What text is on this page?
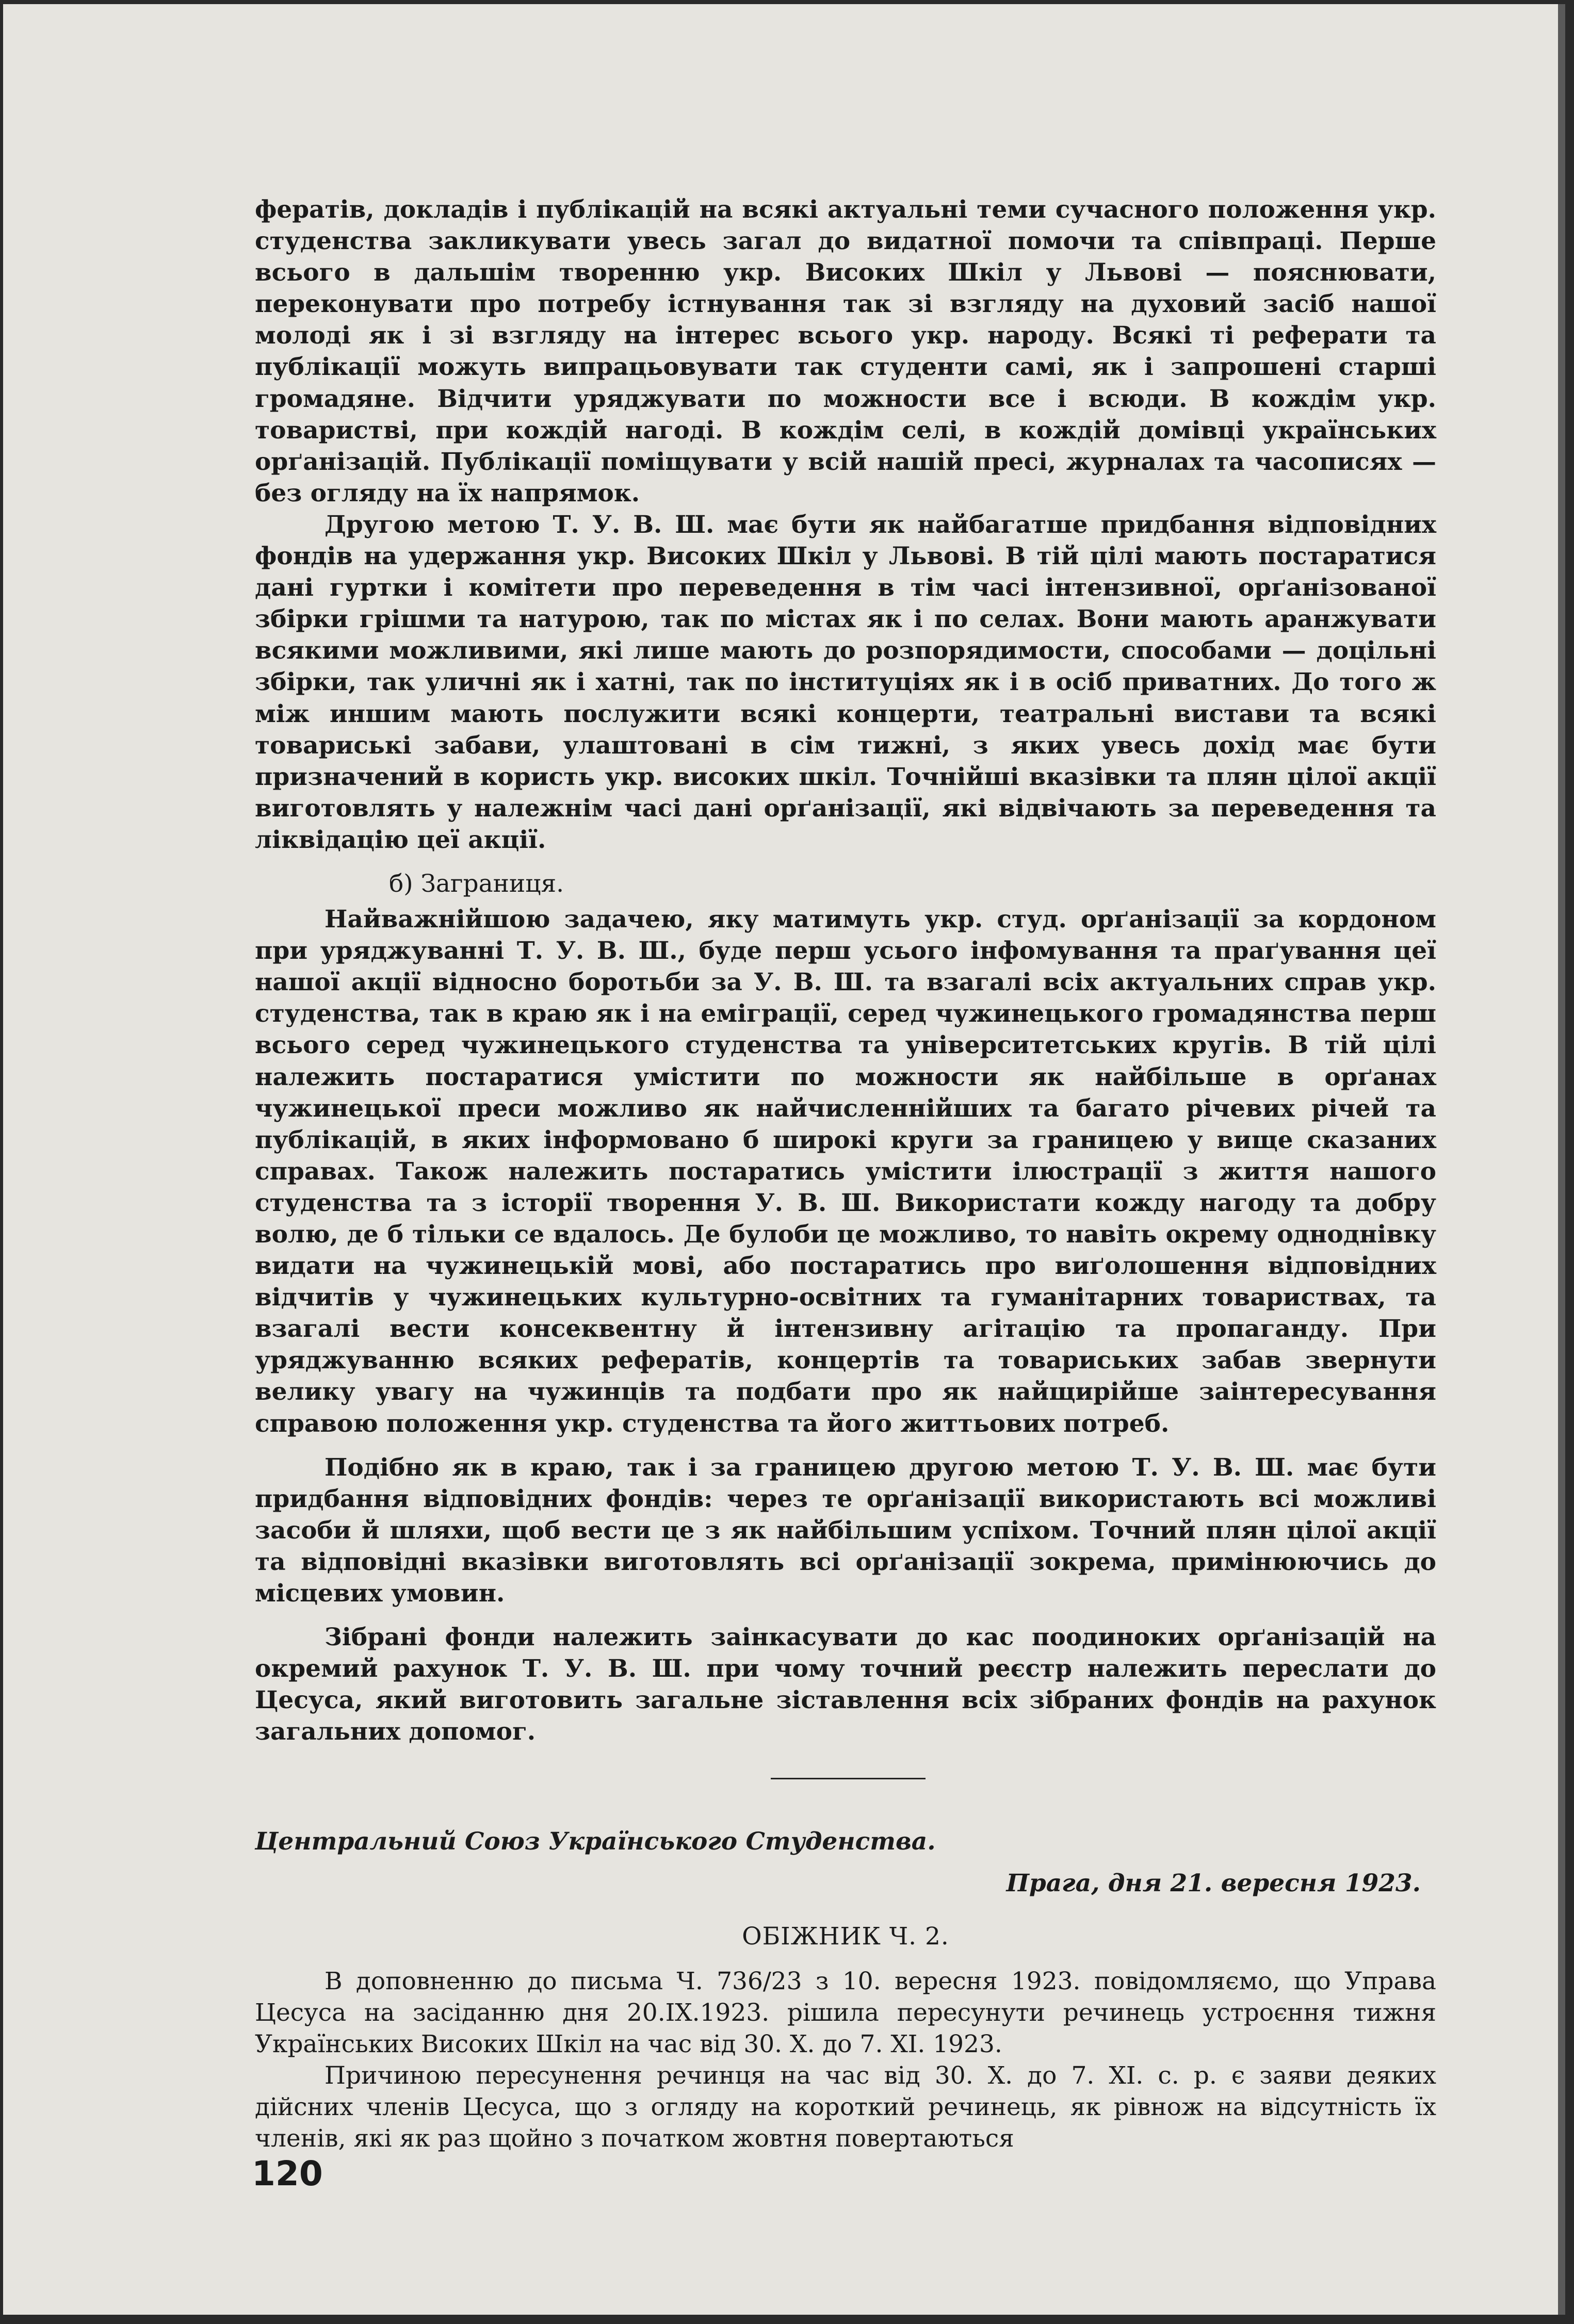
ферaтів, докладів і публікацій на всякі актуальні теми сучасного положення укр. студенства закликувати увесь загал до видатної помочи та співпраці. Перше всього в дальшім творенню укр. Високих Шкіл у Львові — пояснювати, переконувати про потребу істнування так зі взгляду на духовий засіб нашої молоді як і зі взгляду на інтерес всього укр. народу. Всякі ті реферати та публікації можуть випрацьовувати так студенти самі, як і запрошені старші громадяне. Відчити уряджувати по можности все і всюди. В кождім укр. товаристві, при кождій нагоді. В кождім селі, в кождій домівці українських орґанізацій. Публікації поміщувати у всій нашій пресі, журналах та часописях — без огляду на їх напрямок.

Другою метою Т. У. В. Ш. має бути як найбагатше придбання відповідних фондів на удержання укр. Високих Шкіл у Львові. В тій цілі мають постаратися дані гуртки і комітети про переведення в тім часі інтензивної, орґанізованої збірки грішми та натурою, так по містах як і по селах. Вони мають аранжувати всякими можливими, які лише мають до розпорядимости, способами — доцільні збірки, так уличні як і хатні, так по інституціях як і в осіб приватних. До того ж між иншим мають послужити всякі концерти, театральні вистави та всякі товариські забави, улаштовані в сім тижні, з яких увесь дохід має бути призначений в користь укр. високих шкіл. Точнійші вказівки та плян цілої акції виготовлять у належнім часі дані орґанізації, які відвічають за переведення та ліквідацію цеї акції.

б) Заграниця.

Найважнійшою задачею, яку матимуть укр. студ. орґанізації за кордоном при уряджуванні Т. У. В. Ш., буде перш усього інфомування та праґування цеї нашої акції відносно боротьби за У. В. Ш. та взагалі всіх актуальних справ укр. студенства, так в краю як і на еміграції, серед чужинецького громадянства перш всього серед чужинецького студенства та університетських кругів. В тій цілі належить постаратися умістити по можности як найбільше в орґанах чужинецької преси можливо як найчисленнійших та багато річевих річей та публікацій, в яких інформовано б широкі круги за границею у вище сказаних справах. Також належить постаратись умістити ілюстрації з життя нашого студенства та з історії творення У. В. Ш. Використати кожду нагоду та добру волю, де б тільки се вдалось. Де булоби це можливо, то навіть окрему одноднівку видати на чужинецькій мові, або постаратись про виґолошення відповідних відчитів у чужинецьких культурно-освітних та гуманітарних товариствах, та взагалі вести консеквентну й інтензивну агітацію та пропаганду. При уряджуванню всяких рефератів, концертів та товариських забав звернути велику увагу на чужинців та подбати про як найщирійше заінтересування справою положення укр. студенства та його життьових потреб.

Подібно як в краю, так і за границею другою метою Т. У. В. Ш. має бути придбання відповідних фондів: через те орґанізації використають всі можливі засоби й шляхи, щоб вести це з як найбільшим успіхом. Точний плян цілої акції та відповідні вказівки виготовлять всі орґанізації зокрема, примінюючись до місцевих умовин.

Зібрані фонди належить заінкасувати до кас поодиноких орґанізацій на окремий рахунок Т. У. В. Ш. при чому точний реєстр належить переслати до Цесуса, який виготовить загальне зіставлення всіх зібраних фондів на рахунок загальних допомог.

Центральний Союз Українського Студенства.

Прага, дня 21. вересня 1923.

ОБІЖНИК Ч. 2.

В доповненню до письма Ч. 736/23 з 10. вересня 1923. повідомляємо, що Управа Цесуса на засіданню дня 20.IX.1923. рішила пересунути речинець устроєння тижня Українських Високих Шкіл на час від 30. X. до 7. XI. 1923.

Причиною пересунення речинця на час від 30. X. до 7. XI. с. р. є заяви деяких дійсних членів Цесуса, що з огляду на короткий речинець, як рівнож на відсутність їх членів, які як раз щойно з початком жовтня повертаються

120
